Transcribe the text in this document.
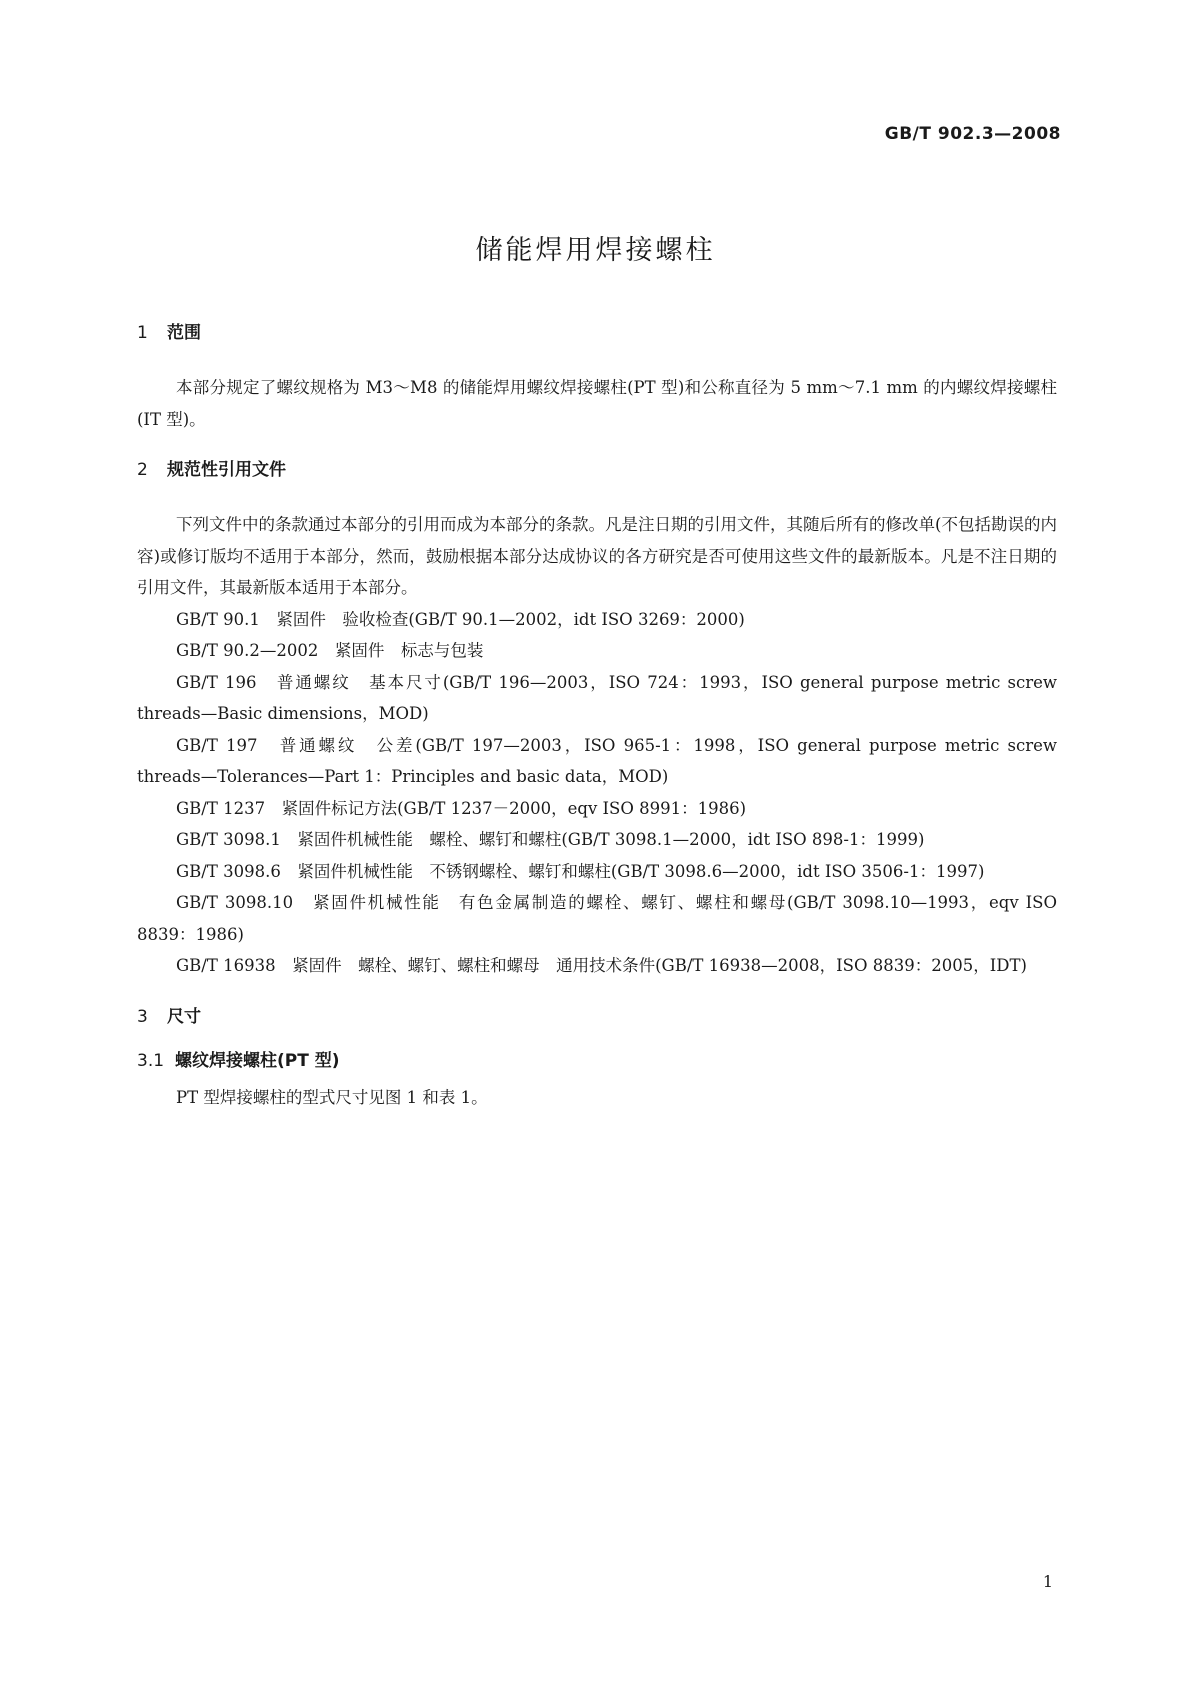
GB/T 902.3—2008
储能焊用焊接螺柱
1 范围

本部分规定了螺纹规格为 M3～M8 的储能焊用螺纹焊接螺柱(PT 型)和公称直径为 5 mm～7.1 mm 的内螺纹焊接螺柱(IT 型)。

2 规范性引用文件

下列文件中的条款通过本部分的引用而成为本部分的条款。凡是注日期的引用文件，其随后所有的修改单(不包括勘误的内容)或修订版均不适用于本部分，然而，鼓励根据本部分达成协议的各方研究是否可使用这些文件的最新版本。凡是不注日期的引用文件，其最新版本适用于本部分。

GB/T 90.1　紧固件　验收检查(GB/T 90.1—2002，idt ISO 3269：2000)

GB/T 90.2—2002　紧固件　标志与包装

GB/T 196　普通螺纹　基本尺寸(GB/T 196—2003，ISO 724：1993，ISO general purpose metric screw threads—Basic dimensions，MOD)

GB/T 197　普通螺纹　公差(GB/T 197—2003，ISO 965-1：1998，ISO general purpose metric screw threads—Tolerances—Part 1：Principles and basic data，MOD)

GB/T 1237　紧固件标记方法(GB/T 1237－2000，eqv ISO 8991：1986)

GB/T 3098.1　紧固件机械性能　螺栓、螺钉和螺柱(GB/T 3098.1—2000，idt ISO 898-1：1999)

GB/T 3098.6　紧固件机械性能　不锈钢螺栓、螺钉和螺柱(GB/T 3098.6—2000，idt ISO 3506-1：1997)

GB/T 3098.10　紧固件机械性能　有色金属制造的螺栓、螺钉、螺柱和螺母(GB/T 3098.10—1993，eqv ISO 8839：1986)

GB/T 16938　紧固件　螺栓、螺钉、螺柱和螺母　通用技术条件(GB/T 16938—2008，ISO 8839：2005，IDT)

3 尺寸
3.1 螺纹焊接螺柱(PT 型)

PT 型焊接螺柱的型式尺寸见图 1 和表 1。

1
